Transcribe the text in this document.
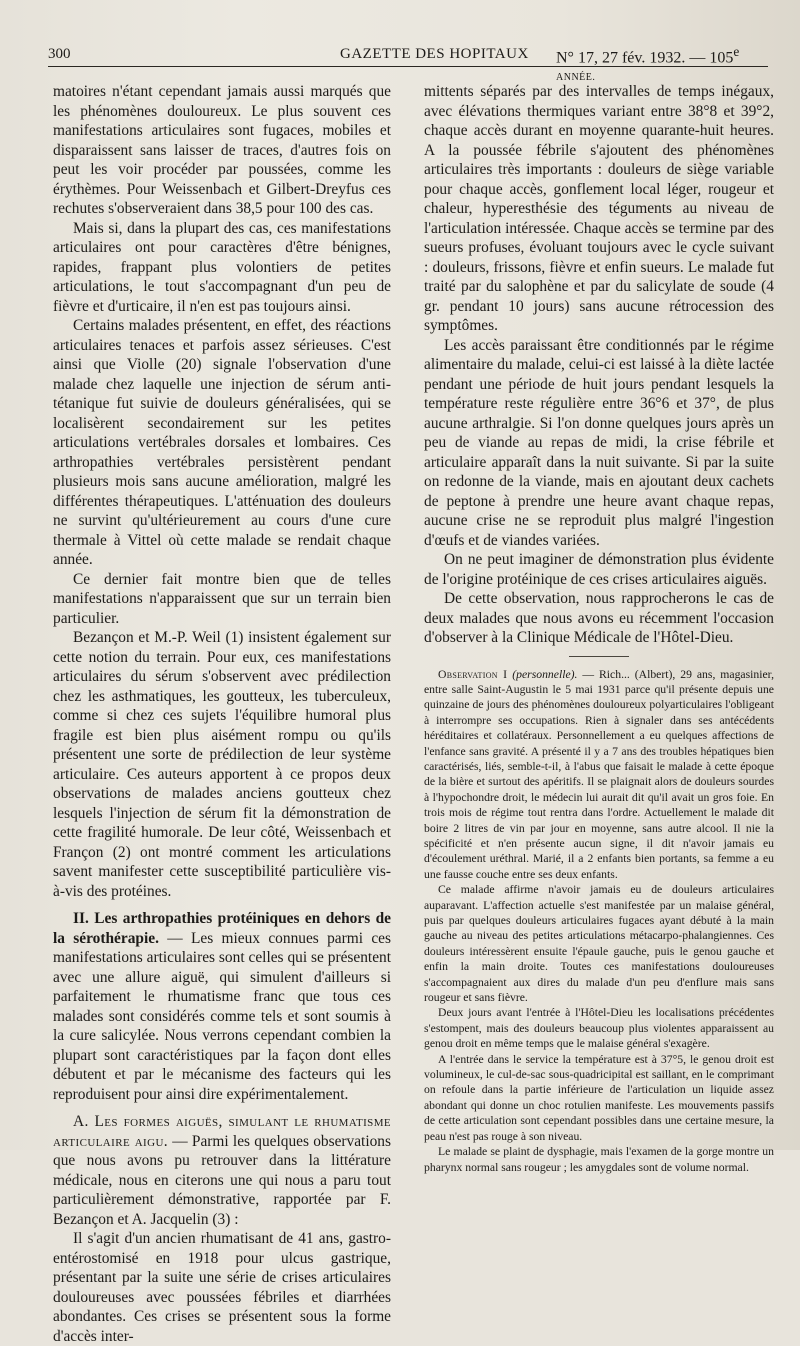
300	GAZETTE DES HOPITAUX N° 17, 27 fév. 1932. — 105e ANNÉE.

matoires n'étant cependant jamais aussi marqués que les phénomènes douloureux. Le plus souvent ces manifestations articulaires sont fugaces, mobiles et disparaissent sans laisser de traces, d'autres fois on peut les voir procéder par poussées, comme les érythèmes. Pour Weissenbach et Gilbert-Dreyfus ces rechutes s'observeraient dans 38,5 pour 100 des cas.

Mais si, dans la plupart des cas, ces manifestations articulaires ont pour caractères d'être bénignes, rapides, frappant plus volontiers de petites articulations, le tout s'accompagnant d'un peu de fièvre et d'urticaire, il n'en est pas toujours ainsi.

Certains malades présentent, en effet, des réactions articulaires tenaces et parfois assez sérieuses. C'est ainsi que Violle (20) signale l'observation d'une malade chez laquelle une injection de sérum anti-tétanique fut suivie de douleurs généralisées, qui se localisèrent secondairement sur les petites articulations vertébrales dorsales et lombaires. Ces arthropathies vertébrales persistèrent pendant plusieurs mois sans aucune amélioration, malgré les différentes thérapeutiques. L'atténuation des douleurs ne survint qu'ultérieurement au cours d'une cure thermale à Vittel où cette malade se rendait chaque année.

Ce dernier fait montre bien que de telles manifestations n'apparaissent que sur un terrain bien particulier.

Bezançon et M.-P. Weil (1) insistent également sur cette notion du terrain. Pour eux, ces manifestations articulaires du sérum s'observent avec prédilection chez les asthmatiques, les goutteux, les tuberculeux, comme si chez ces sujets l'équilibre humoral plus fragile est bien plus aisément rompu ou qu'ils présentent une sorte de prédilection de leur système articulaire. Ces auteurs apportent à ce propos deux observations de malades anciens goutteux chez lesquels l'injection de sérum fit la démonstration de cette fragilité humorale. De leur côté, Weissenbach et Françon (2) ont montré comment les articulations savent manifester cette susceptibilité particulière vis-à-vis des protéines.

II. Les arthropathies protéiniques en dehors de la sérothérapie. — Les mieux connues parmi ces manifestations articulaires sont celles qui se présentent avec une allure aiguë, qui simulent d'ailleurs si parfaitement le rhumatisme franc que tous ces malades sont considérés comme tels et sont soumis à la cure salicylée. Nous verrons cependant combien la plupart sont caractéristiques par la façon dont elles débutent et par le mécanisme des facteurs qui les reproduisent pour ainsi dire expérimentalement.

A. Les formes aiguës, simulant le rhumatisme articulaire aigu. — Parmi les quelques observations que nous avons pu retrouver dans la littérature médicale, nous en citerons une qui nous a paru tout particulièrement démonstrative, rapportée par F. Bezançon et A. Jacquelin (3) :

Il s'agit d'un ancien rhumatisant de 41 ans, gastro-entérostomisé en 1918 pour ulcus gastrique, présentant par la suite une série de crises articulaires douloureuses avec poussées fébriles et diarrhées abondantes. Ces crises se présentent sous la forme d'accès inter-

mittents séparés par des intervalles de temps inégaux, avec élévations thermiques variant entre 38°8 et 39°2, chaque accès durant en moyenne quarante-huit heures. A la poussée fébrile s'ajoutent des phénomènes articulaires très importants : douleurs de siège variable pour chaque accès, gonflement local léger, rougeur et chaleur, hyperesthésie des téguments au niveau de l'articulation intéressée. Chaque accès se termine par des sueurs profuses, évoluant toujours avec le cycle suivant : douleurs, frissons, fièvre et enfin sueurs. Le malade fut traité par du salophène et par du salicylate de soude (4 gr. pendant 10 jours) sans aucune rétrocession des symptômes.

Les accès paraissant être conditionnés par le régime alimentaire du malade, celui-ci est laissé à la diète lactée pendant une période de huit jours pendant lesquels la température reste régulière entre 36°6 et 37°, de plus aucune arthralgie. Si l'on donne quelques jours après un peu de viande au repas de midi, la crise fébrile et articulaire apparaît dans la nuit suivante. Si par la suite on redonne de la viande, mais en ajoutant deux cachets de peptone à prendre une heure avant chaque repas, aucune crise ne se reproduit plus malgré l'ingestion d'œufs et de viandes variées.

On ne peut imaginer de démonstration plus évidente de l'origine protéinique de ces crises articulaires aiguës.

De cette observation, nous rapprocherons le cas de deux malades que nous avons eu récemment l'occasion d'observer à la Clinique Médicale de l'Hôtel-Dieu.

Observation I (personnelle). — Rich... (Albert), 29 ans, magasinier, entre salle Saint-Augustin le 5 mai 1931 parce qu'il présente depuis une quinzaine de jours des phénomènes douloureux polyarticulaires l'obligeant à interrompre ses occupations. Rien à signaler dans ses antécédents héréditaires et collatéraux. Personnellement a eu quelques affections de l'enfance sans gravité. A présenté il y a 7 ans des troubles hépatiques bien caractérisés, liés, semble-t-il, à l'abus que faisait le malade à cette époque de la bière et surtout des apéritifs. Il se plaignait alors de douleurs sourdes à l'hypochondre droit, le médecin lui aurait dit qu'il avait un gros foie. En trois mois de régime tout rentra dans l'ordre. Actuellement le malade dit boire 2 litres de vin par jour en moyenne, sans autre alcool. Il nie la spécificité et n'en présente aucun signe, il dit n'avoir jamais eu d'écoulement uréthral. Marié, il a 2 enfants bien portants, sa femme a eu une fausse couche entre ses deux enfants.

Ce malade affirme n'avoir jamais eu de douleurs articulaires auparavant. L'affection actuelle s'est manifestée par un malaise général, puis par quelques douleurs articulaires fugaces ayant débuté à la main gauche au niveau des petites articulations métacarpo-phalangiennes. Ces douleurs intéressèrent ensuite l'épaule gauche, puis le genou gauche et enfin la main droite. Toutes ces manifestations douloureuses s'accompagnaient aux dires du malade d'un peu d'enflure mais sans rougeur et sans fièvre.

Deux jours avant l'entrée à l'Hôtel-Dieu les localisations précédentes s'estompent, mais des douleurs beaucoup plus violentes apparaissent au genou droit en même temps que le malaise général s'exagère.

A l'entrée dans le service la température est à 37°5, le genou droit est volumineux, le cul-de-sac sous-quadricipital est saillant, en le comprimant on refoule dans la partie inférieure de l'articulation un liquide assez abondant qui donne un choc rotulien manifeste. Les mouvements passifs de cette articulation sont cependant possibles dans une certaine mesure, la peau n'est pas rouge à son niveau.

Le malade se plaint de dysphagie, mais l'examen de la gorge montre un pharynx normal sans rougeur ; les amygdales sont de volume normal.
